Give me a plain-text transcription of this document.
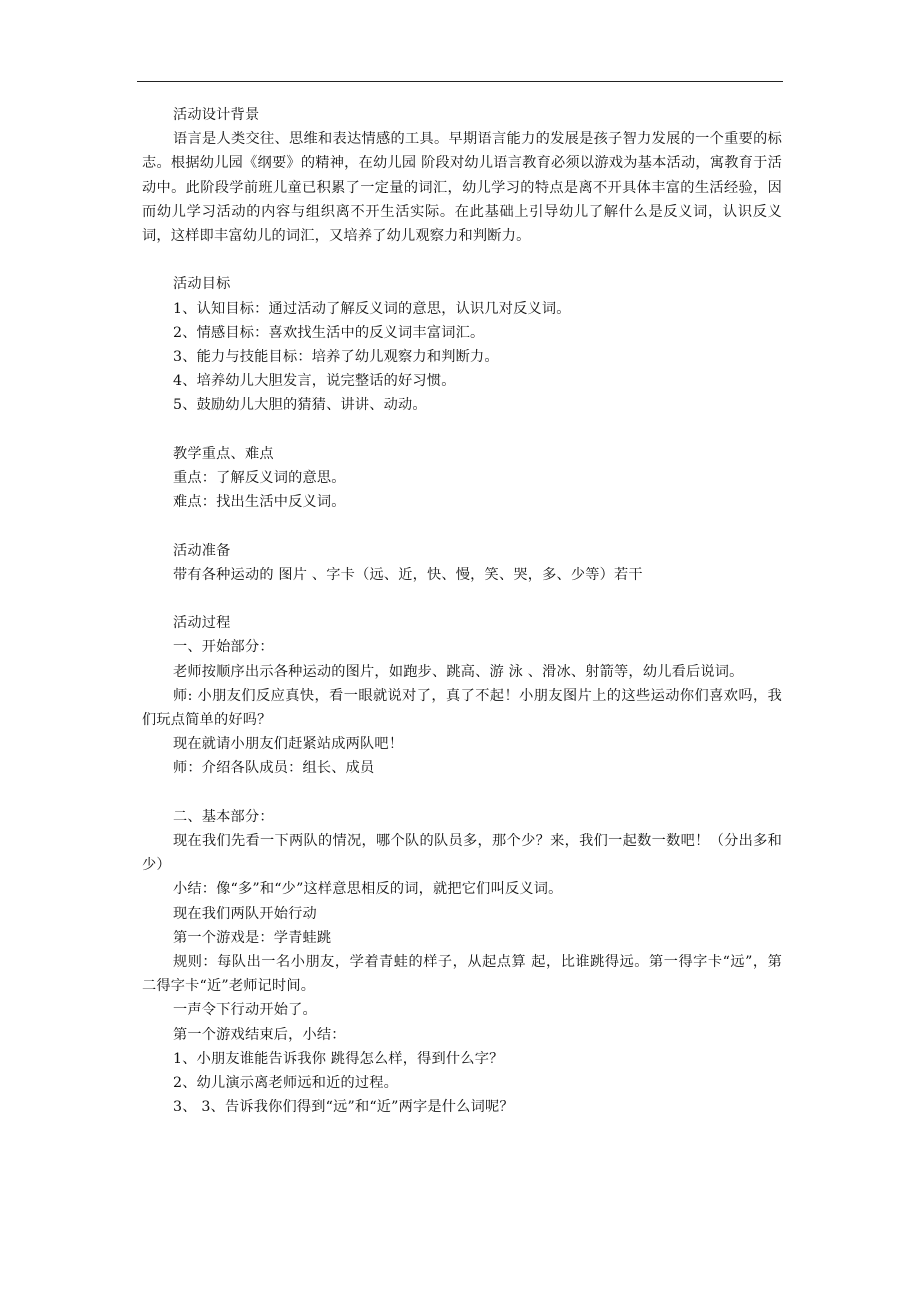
活动设计背景

语言是人类交往、思维和表达情感的工具。早期语言能力的发展是孩子智力发展的一个重要的标志。根据幼儿园《纲要》的精神，在幼儿园 阶段对幼儿语言教育必须以游戏为基本活动，寓教育于活动中。此阶段学前班儿童已积累了一定量的词汇，幼儿学习的特点是离不开具体丰富的生活经验，因而幼儿学习活动的内容与组织离不开生活实际。在此基础上引导幼儿了解什么是反义词，认识反义词，这样即丰富幼儿的词汇，又培养了幼儿观察力和判断力。

活动目标

1、认知目标：通过活动了解反义词的意思，认识几对反义词。

2、情感目标：喜欢找生活中的反义词丰富词汇。

3、能力与技能目标：培养了幼儿观察力和判断力。

4、培养幼儿大胆发言，说完整话的好习惯。

5、鼓励幼儿大胆的猜猜、讲讲、动动。

教学重点、难点

重点：了解反义词的意思。

难点：找出生活中反义词。

活动准备

带有各种运动的 图片 、字卡（远、近，快、慢，笑、哭，多、少等）若干

活动过程

一、开始部分：

老师按顺序出示各种运动的图片，如跑步、跳高、游 泳 、滑冰、射箭等，幼儿看后说词。

师: 小朋友们反应真快，看一眼就说对了，真了不起！小朋友图片上的这些运动你们喜欢吗，我们玩点简单的好吗？

现在就请小朋友们赶紧站成两队吧！

师：介绍各队成员：组长、成员

二、基本部分：

现在我们先看一下两队的情况，哪个队的队员多，那个少？来，我们一起数一数吧！（分出多和少）

小结：像“多”和“少”这样意思相反的词，就把它们叫反义词。

现在我们两队开始行动

第一个游戏是：学青蛙跳

规则：每队出一名小朋友，学着青蛙的样子，从起点算 起，比谁跳得远。第一得字卡“远”，第二得字卡“近”老师记时间。

一声令下行动开始了。

第一个游戏结束后，小结：

1、小朋友谁能告诉我你 跳得怎么样，得到什么字？

2、幼儿演示离老师远和近的过程。

3、 3、告诉我你们得到“远”和“近”两字是什么词呢？
